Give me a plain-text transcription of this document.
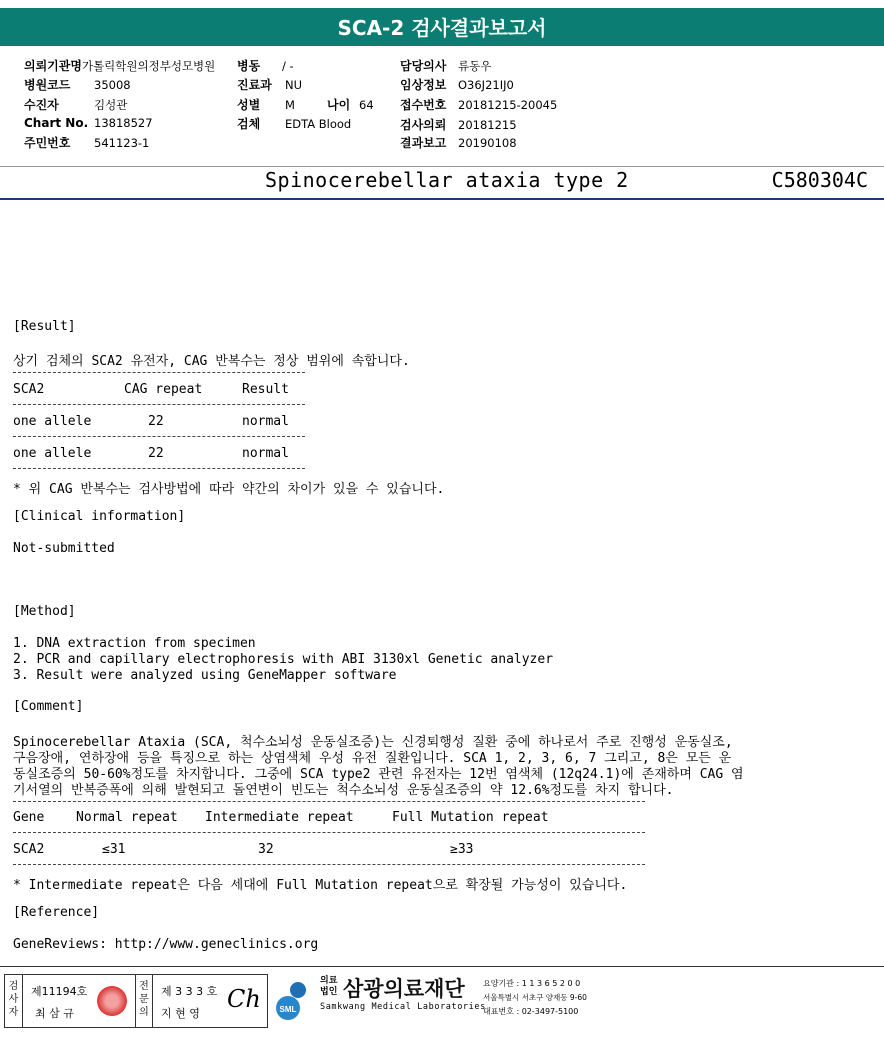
SCA-2 검사결과보고서
의뢰기관명가톨릭학원의정부성모병원 병동 / -	담당의사 류동우
병원코드 35008	진료과 NU	임상정보 O36J21IJ0
수진자	김성관	성별 M	나이 64 접수번호 20181215-20045
Chart No. 13818527	검체 EDTA Blood	검사의뢰 20181215
주민번호 541123-1	결과보고 20190108
Spinocerebellar ataxia type 2	C580304C
[Result]
상기 검체의 SCA2 유전자, CAG 반복수는 정상 범위에 속합니다.
SCA2	CAG repeat	Result
one allele	22	normal
one allele	22	normal
* 위 CAG 반복수는 검사방법에 따라 약간의 차이가 있을 수 있습니다.
[Clinical information]
Not-submitted
[Method]
1. DNA extraction from specimen
2. PCR and capillary electrophoresis with ABI 3130xl Genetic analyzer
3. Result were analyzed using GeneMapper software
[Comment]
Spinocerebellar Ataxia (SCA, 척수소뇌성 운동실조증)는 신경퇴행성 질환 중에 하나로서 주로 진행성 운동실조,
구음장애, 연하장애 등을 특징으로 하는 상염색체 우성 유전 질환입니다. SCA 1, 2, 3, 6, 7 그리고, 8은 모든 운
동실조증의 50-60%정도를 차지합니다. 그중에 SCA type2 관련 유전자는 12번 염색체 (12q24.1)에 존재하며 CAG 염
기서열의 반복증폭에 의해 발현되고 돌연변이 빈도는 척수소뇌성 운동실조증의 약 12.6%정도를 차지 합니다.
Gene Normal repeat Intermediate repeat	Full Mutation repeat
SCA2	≤31	32	≥33
* Intermediate repeat은 다음 세대에 Full Mutation repeat으로 확장될 가능성이 있습니다.
[Reference]
GeneReviews: http://www.geneclinics.org
검
사
자
제11194호
최 삼 규
전
문
의
제 3 3 3 호
지 현 영
Ch SML
의료
법인 삼광의료재단
Samkwang Medical Laboratories
요양기관 : 1 1 3 6 5 2 0 0
서울특별시 서초구 양재동 9-60
대표번호 : 02-3497-5100
